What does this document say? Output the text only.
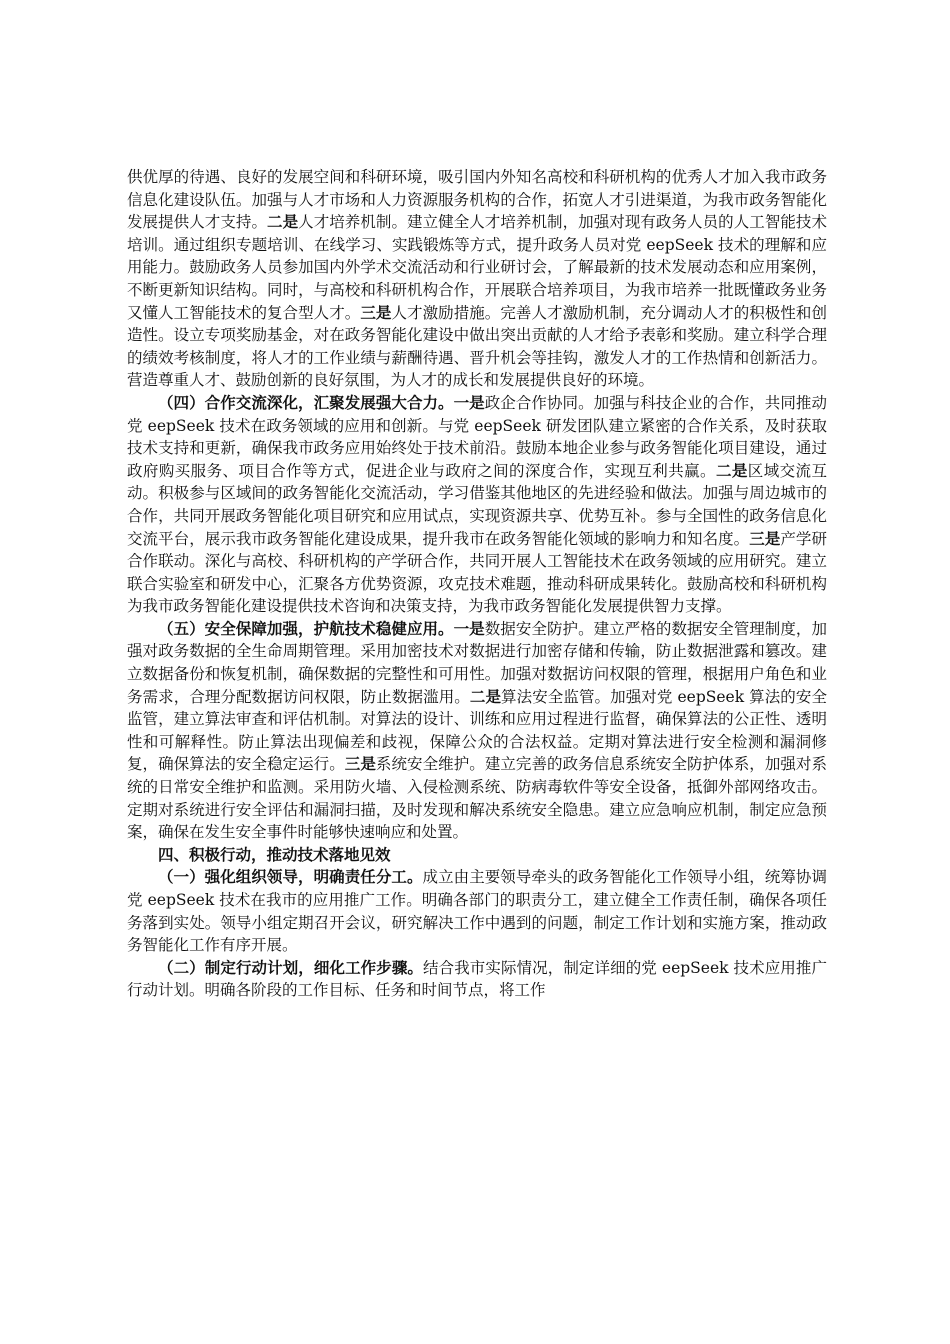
供优厚的待遇、良好的发展空间和科研环境，吸引国内外知名高校和科研机构的优秀人才加入我市政务信息化建设队伍。加强与人才市场和人力资源服务机构的合作，拓宽人才引进渠道，为我市政务智能化发展提供人才支持。二是人才培养机制。建立健全人才培养机制，加强对现有政务人员的人工智能技术培训。通过组织专题培训、在线学习、实践锻炼等方式，提升政务人员对党 eepSeek 技术的理解和应用能力。鼓励政务人员参加国内外学术交流活动和行业研讨会，了解最新的技术发展动态和应用案例，不断更新知识结构。同时，与高校和科研机构合作，开展联合培养项目，为我市培养一批既懂政务业务又懂人工智能技术的复合型人才。三是人才激励措施。完善人才激励机制，充分调动人才的积极性和创造性。设立专项奖励基金，对在政务智能化建设中做出突出贡献的人才给予表彰和奖励。建立科学合理的绩效考核制度，将人才的工作业绩与薪酬待遇、晋升机会等挂钩，激发人才的工作热情和创新活力。营造尊重人才、鼓励创新的良好氛围，为人才的成长和发展提供良好的环境。

（四）合作交流深化，汇聚发展强大合力。一是政企合作协同。加强与科技企业的合作，共同推动党 eepSeek 技术在政务领域的应用和创新。与党 eepSeek 研发团队建立紧密的合作关系，及时获取技术支持和更新，确保我市政务应用始终处于技术前沿。鼓励本地企业参与政务智能化项目建设，通过政府购买服务、项目合作等方式，促进企业与政府之间的深度合作，实现互利共赢。二是区域交流互动。积极参与区域间的政务智能化交流活动，学习借鉴其他地区的先进经验和做法。加强与周边城市的合作，共同开展政务智能化项目研究和应用试点，实现资源共享、优势互补。参与全国性的政务信息化交流平台，展示我市政务智能化建设成果，提升我市在政务智能化领域的影响力和知名度。三是产学研合作联动。深化与高校、科研机构的产学研合作，共同开展人工智能技术在政务领域的应用研究。建立联合实验室和研发中心，汇聚各方优势资源，攻克技术难题，推动科研成果转化。鼓励高校和科研机构为我市政务智能化建设提供技术咨询和决策支持，为我市政务智能化发展提供智力支撑。

（五）安全保障加强，护航技术稳健应用。一是数据安全防护。建立严格的数据安全管理制度，加强对政务数据的全生命周期管理。采用加密技术对数据进行加密存储和传输，防止数据泄露和篡改。建立数据备份和恢复机制，确保数据的完整性和可用性。加强对数据访问权限的管理，根据用户角色和业务需求，合理分配数据访问权限，防止数据滥用。二是算法安全监管。加强对党 eepSeek 算法的安全监管，建立算法审查和评估机制。对算法的设计、训练和应用过程进行监督，确保算法的公正性、透明性和可解释性。防止算法出现偏差和歧视，保障公众的合法权益。定期对算法进行安全检测和漏洞修复，确保算法的安全稳定运行。三是系统安全维护。建立完善的政务信息系统安全防护体系，加强对系统的日常安全维护和监测。采用防火墙、入侵检测系统、防病毒软件等安全设备，抵御外部网络攻击。定期对系统进行安全评估和漏洞扫描，及时发现和解决系统安全隐患。建立应急响应机制，制定应急预案，确保在发生安全事件时能够快速响应和处置。

四、积极行动，推动技术落地见效

（一）强化组织领导，明确责任分工。成立由主要领导牵头的政务智能化工作领导小组，统筹协调党 eepSeek 技术在我市的应用推广工作。明确各部门的职责分工，建立健全工作责任制，确保各项任务落到实处。领导小组定期召开会议，研究解决工作中遇到的问题，制定工作计划和实施方案，推动政务智能化工作有序开展。

（二）制定行动计划，细化工作步骤。结合我市实际情况，制定详细的党 eepSeek 技术应用推广行动计划。明确各阶段的工作目标、任务和时间节点，将工作
